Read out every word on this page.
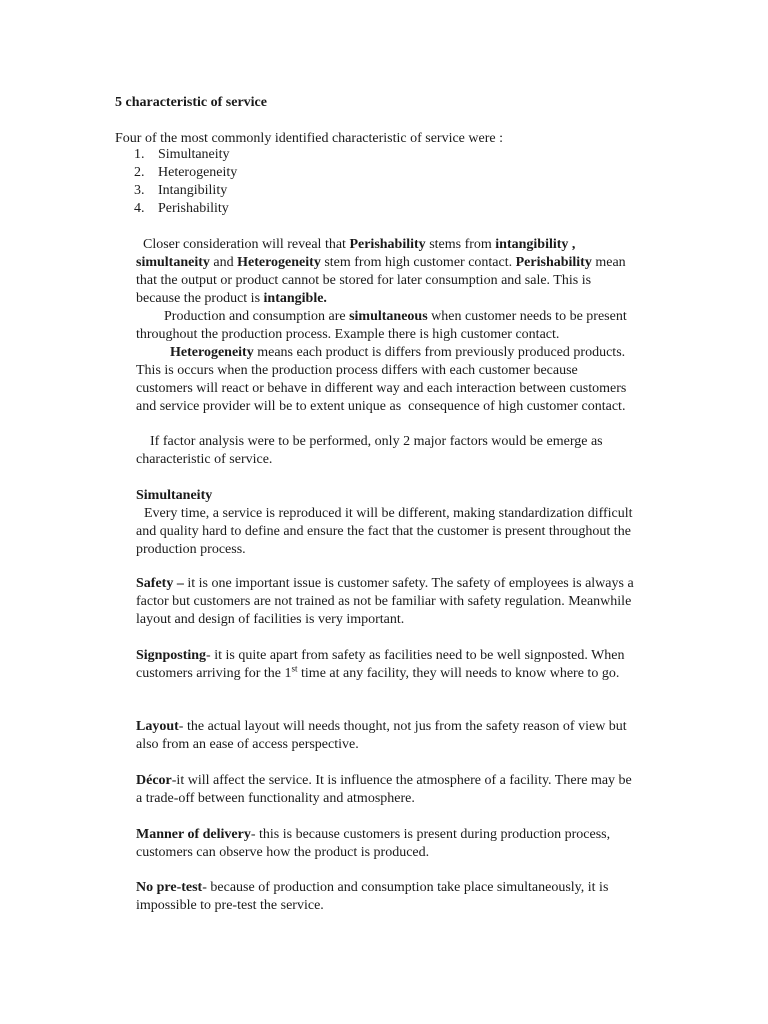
5 characteristic of service

Four of the most commonly identified characteristic of service were :

1. Simultaneity
2. Heterogeneity
3. Intangibility
4. Perishability

Closer consideration will reveal that Perishability stems from intangibility , simultaneity and Heterogeneity stem from high customer contact. Perishability mean that the output or product cannot be stored for later consumption and sale. This is because the product is intangible.

Production and consumption are simultaneous when customer needs to be present throughout the production process. Example there is high customer contact.

Heterogeneity means each product is differs from previously produced products. This is occurs when the production process differs with each customer because customers will react or behave in different way and each interaction between customers and service provider will be to extent unique as  consequence of high customer contact.

If factor analysis were to be performed, only 2 major factors would be emerge as characteristic of service.

Simultaneity
Every time, a service is reproduced it will be different, making standardization difficult and quality hard to define and ensure the fact that the customer is present throughout the production process.

Safety – it is one important issue is customer safety. The safety of employees is always a factor but customers are not trained as not be familiar with safety regulation. Meanwhile layout and design of facilities is very important.

Signposting- it is quite apart from safety as facilities need to be well signposted. When customers arriving for the 1st time at any facility, they will needs to know where to go.

Layout- the actual layout will needs thought, not jus from the safety reason of view but also from an ease of access perspective.

Décor-it will affect the service. It is influence the atmosphere of a facility. There may be a trade-off between functionality and atmosphere.

Manner of delivery- this is because customers is present during production process, customers can observe how the product is produced.

No pre-test- because of production and consumption take place simultaneously, it is impossible to pre-test the service.
